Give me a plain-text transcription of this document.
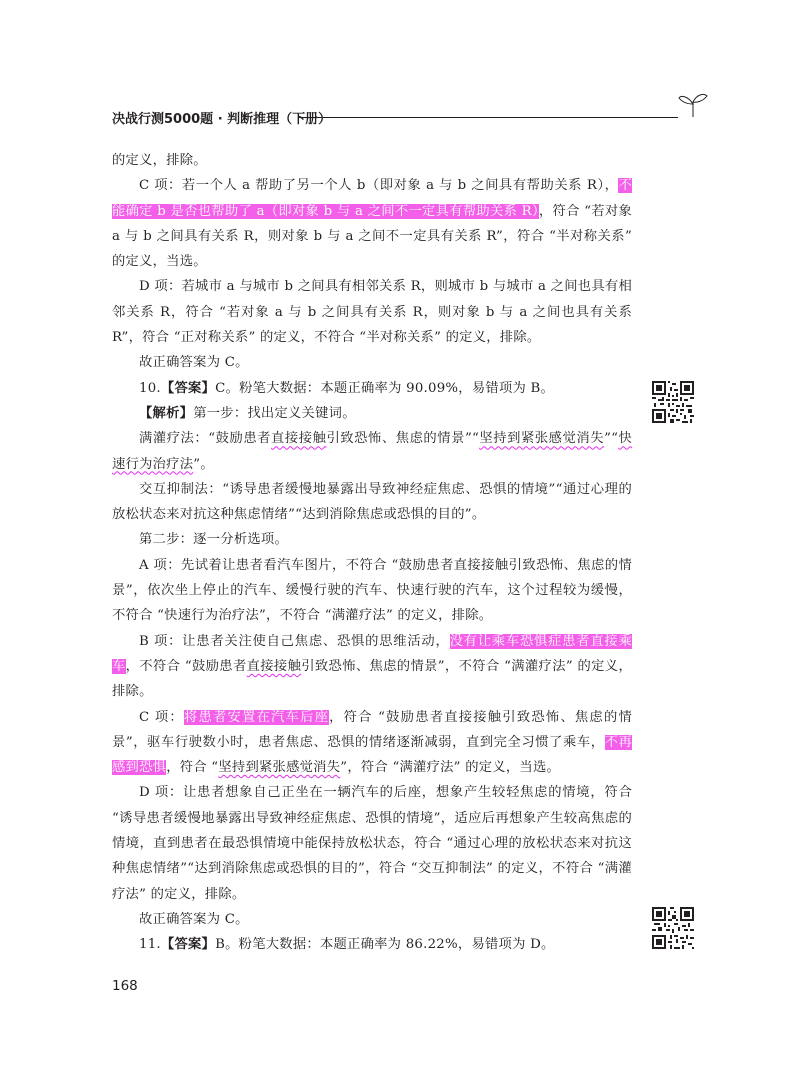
决战行测5000题 · 判断推理（下册）

的定义，排除。

C 项：若一个人 a 帮助了另一个人 b（即对象 a 与 b 之间具有帮助关系 R），不能确定 b 是否也帮助了 a（即对象 b 与 a 之间不一定具有帮助关系 R），符合 “若对象 a 与 b 之间具有关系 R，则对象 b 与 a 之间不一定具有关系 R”，符合 “半对称关系” 的定义，当选。

D 项：若城市 a 与城市 b 之间具有相邻关系 R，则城市 b 与城市 a 之间也具有相邻关系 R，符合 “若对象 a 与 b 之间具有关系 R，则对象 b 与 a 之间也具有关系 R”，符合 “正对称关系” 的定义，不符合 “半对称关系” 的定义，排除。

故正确答案为 C。

10.【答案】C。粉笔大数据：本题正确率为 90.09%，易错项为 B。

【解析】第一步：找出定义关键词。

满灌疗法：“鼓励患者直接接触引致恐怖、焦虑的情景”“坚持到紧张感觉消失”“快速行为治疗法”。

交互抑制法：“诱导患者缓慢地暴露出导致神经症焦虑、恐惧的情境”“通过心理的放松状态来对抗这种焦虑情绪”“达到消除焦虑或恐惧的目的”。

第二步：逐一分析选项。

A 项：先试着让患者看汽车图片，不符合 “鼓励患者直接接触引致恐怖、焦虑的情景”，依次坐上停止的汽车、缓慢行驶的汽车、快速行驶的汽车，这个过程较为缓慢，不符合 “快速行为治疗法”，不符合 “满灌疗法” 的定义，排除。

B 项：让患者关注使自己焦虑、恐惧的思维活动，没有让乘车恐惧症患者直接乘车，不符合 “鼓励患者直接接触引致恐怖、焦虑的情景”，不符合 “满灌疗法” 的定义，排除。

C 项：将患者安置在汽车后座，符合 “鼓励患者直接接触引致恐怖、焦虑的情景”，驱车行驶数小时，患者焦虑、恐惧的情绪逐渐减弱，直到完全习惯了乘车，不再感到恐惧，符合 “坚持到紧张感觉消失”，符合 “满灌疗法” 的定义，当选。

D 项：让患者想象自己正坐在一辆汽车的后座，想象产生较轻焦虑的情境，符合 “诱导患者缓慢地暴露出导致神经症焦虑、恐惧的情境”，适应后再想象产生较高焦虑的情境，直到患者在最恐惧情境中能保持放松状态，符合 “通过心理的放松状态来对抗这种焦虑情绪”“达到消除焦虑或恐惧的目的”，符合 “交互抑制法” 的定义，不符合 “满灌疗法” 的定义，排除。

故正确答案为 C。

11.【答案】B。粉笔大数据：本题正确率为 86.22%，易错项为 D。

168
